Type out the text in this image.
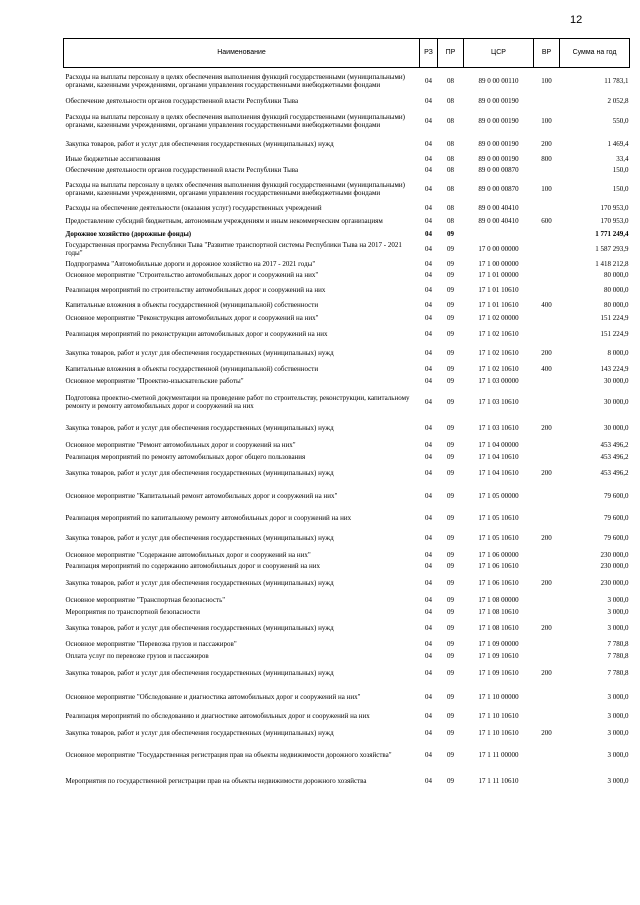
12
Наименование	РЗ	ПР	ЦСР	ВР	Сумма на год
Расходы на выплаты персоналу в целях обеспечения выполнения функций государственными (муниципальными) органами, казенными учреждениями, органами управления государственными внебюджетными фондами	04	08	89 0 00 00110	100	11 783,1
Обеспечение деятельности органов государственной власти Республики Тыва	04	08	89 0 00 00190		2 052,8
Расходы на выплаты персоналу в целях обеспечения выполнения функций государственными (муниципальными) органами, казенными учреждениями, органами управления государственными внебюджетными фондами	04	08	89 0 00 00190	100	550,0
Закупка товаров, работ и услуг для обеспечения государственных (муниципальных) нужд	04	08	89 0 00 00190	200	1 469,4
Иные бюджетные ассигнования	04	08	89 0 00 00190	800	33,4
Обеспечение деятельности органов государственной власти Республики Тыва	04	08	89 0 00 00870		150,0
Расходы на выплаты персоналу в целях обеспечения выполнения функций государственными (муниципальными) органами, казенными учреждениями, органами управления государственными внебюджетными фондами	04	08	89 0 00 00870	100	150,0
Расходы на обеспечение деятельности (оказания услуг) государственных учреждений	04	08	89 0 00 40410		170 953,0
Предоставление субсидий бюджетным, автономным учреждениям и иным некоммерческим организациям	04	08	89 0 00 40410	600	170 953,0
Дорожное хозяйство (дорожные фонды)	04	09			1 771 249,4
Государственная программа Республики Тыва "Развитие транспортной системы Республики Тыва на 2017 - 2021 годы"	04	09	17 0 00 00000		1 587 293,9
Подпрограмма "Автомобильные дороги и дорожное хозяйство на 2017 - 2021 годы"	04	09	17 1 00 00000		1 418 212,8
Основное мероприятие "Строительство автомобильных дорог и сооружений на них"	04	09	17 1 01 00000		80 000,0
Реализация мероприятий по строительству автомобильных дорог и сооружений на них	04	09	17 1 01 10610		80 000,0
Капитальные вложения в объекты государственной (муниципальной) собственности	04	09	17 1 01 10610	400	80 000,0
Основное мероприятие "Реконструкция автомобильных дорог и сооружений на них"	04	09	17 1 02 00000		151 224,9
Реализация мероприятий по реконструкции автомобильных дорог и сооружений на них	04	09	17 1 02 10610		151 224,9
Закупка товаров, работ и услуг для обеспечения государственных (муниципальных) нужд	04	09	17 1 02 10610	200	8 000,0
Капитальные вложения в объекты государственной (муниципальной) собственности	04	09	17 1 02 10610	400	143 224,9
Основное мероприятие "Проектно-изыскательские работы"	04	09	17 1 03 00000		30 000,0
Подготовка проектно-сметной документации на проведение работ по строительству, реконструкции, капитальному ремонту и ремонту автомобильных дорог и сооружений на них	04	09	17 1 03 10610		30 000,0
Закупка товаров, работ и услуг для обеспечения государственных (муниципальных) нужд	04	09	17 1 03 10610	200	30 000,0
Основное мероприятие "Ремонт автомобильных дорог и сооружений на них"	04	09	17 1 04 00000		453 496,2
Реализация мероприятий по ремонту автомобильных дорог общего пользования	04	09	17 1 04 10610		453 496,2
Закупка товаров, работ и услуг для обеспечения государственных (муниципальных) нужд	04	09	17 1 04 10610	200	453 496,2
Основное мероприятие "Капитальный ремонт автомобильных дорог и сооружений на них"	04	09	17 1 05 00000		79 600,0
Реализация мероприятий по капитальному ремонту автомобильных дорог и сооружений на них	04	09	17 1 05 10610		79 600,0
Закупка товаров, работ и услуг для обеспечения государственных (муниципальных) нужд	04	09	17 1 05 10610	200	79 600,0
Основное мероприятие "Содержание автомобильных дорог и сооружений на них"	04	09	17 1 06 00000		230 000,0
Реализация мероприятий по содержанию автомобильных дорог и сооружений на них	04	09	17 1 06 10610		230 000,0
Закупка товаров, работ и услуг для обеспечения государственных (муниципальных) нужд	04	09	17 1 06 10610	200	230 000,0
Основное мероприятие "Транспортная безопасность"	04	09	17 1 08 00000		3 000,0
Мероприятия по транспортной безопасности	04	09	17 1 08 10610		3 000,0
Закупка товаров, работ и услуг для обеспечения государственных (муниципальных) нужд	04	09	17 1 08 10610	200	3 000,0
Основное мероприятие "Перевозка грузов и пассажиров"	04	09	17 1 09 00000		7 780,8
Оплата услуг по перевозке грузов и пассажиров	04	09	17 1 09 10610		7 780,8
Закупка товаров, работ и услуг для обеспечения государственных (муниципальных) нужд	04	09	17 1 09 10610	200	7 780,8
Основное мероприятие "Обследование и диагностика автомобильных дорог и сооружений на них"	04	09	17 1 10 00000		3 000,0
Реализация мероприятий по обследованию и диагностике автомобильных дорог и сооружений на них	04	09	17 1 10 10610		3 000,0
Закупка товаров, работ и услуг для обеспечения государственных (муниципальных) нужд	04	09	17 1 10 10610	200	3 000,0
Основное мероприятие "Государственная регистрация прав на объекты недвижимости дорожного хозяйства"	04	09	17 1 11 00000		3 000,0
Мероприятия по государственной регистрации прав на объекты недвижимости дорожного хозяйства	04	09	17 1 11 10610		3 000,0
